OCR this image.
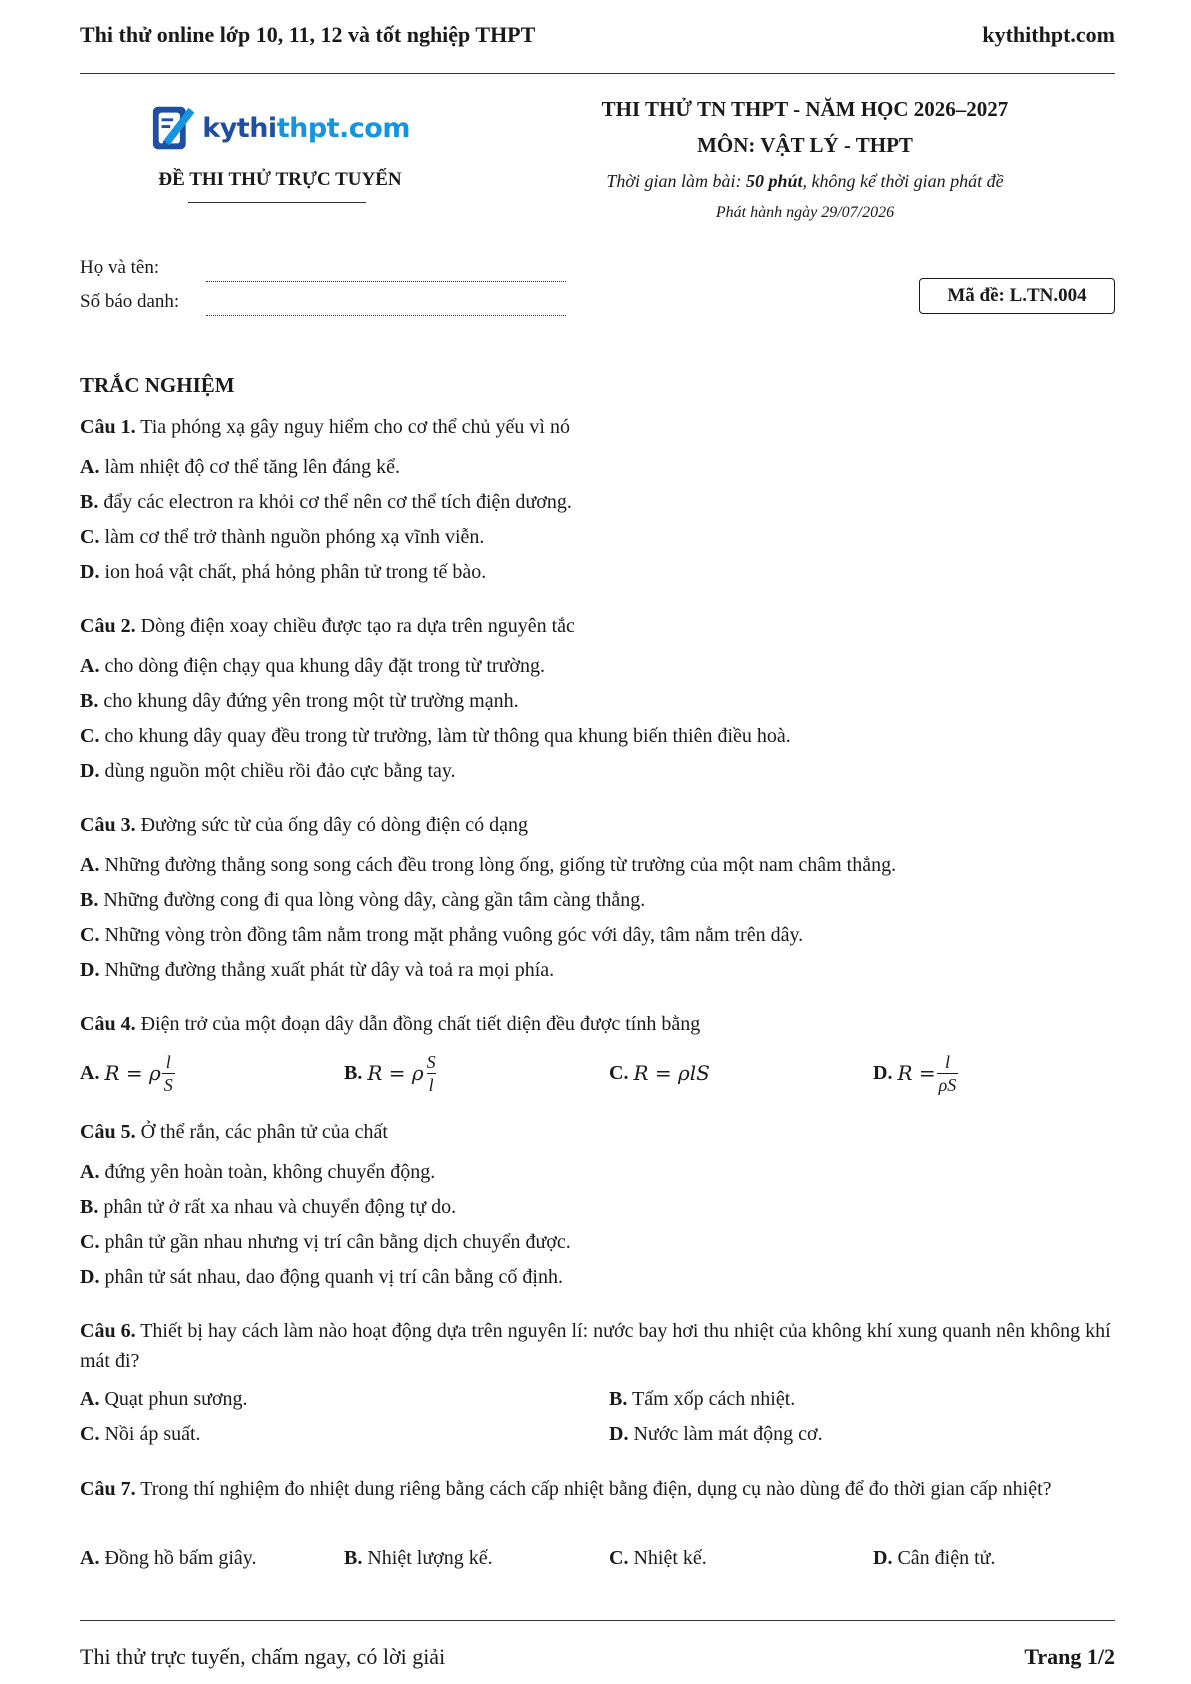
Thi thử online lớp 10, 11, 12 và tốt nghiệp THPT	kythithpt.com
kythithpt.com
ĐỀ THI THỬ TRỰC TUYẾN
THI THỬ TN THPT - NĂM HỌC 2026–2027
MÔN: VẬT LÝ - THPT
Thời gian làm bài: 50 phút, không kể thời gian phát đề
Phát hành ngày 29/07/2026
Họ và tên:
Số báo danh:	Mã đề: L.TN.004
TRẮC NGHIỆM
Câu 1. Tia phóng xạ gây nguy hiểm cho cơ thể chủ yếu vì nó
A. làm nhiệt độ cơ thể tăng lên đáng kể.
B. đẩy các electron ra khỏi cơ thể nên cơ thể tích điện dương.
C. làm cơ thể trở thành nguồn phóng xạ vĩnh viễn.
D. ion hoá vật chất, phá hỏng phân tử trong tế bào.
Câu 2. Dòng điện xoay chiều được tạo ra dựa trên nguyên tắc
A. cho dòng điện chạy qua khung dây đặt trong từ trường.
B. cho khung dây đứng yên trong một từ trường mạnh.
C. cho khung dây quay đều trong từ trường, làm từ thông qua khung biến thiên điều hoà.
D. dùng nguồn một chiều rồi đảo cực bằng tay.
Câu 3. Đường sức từ của ống dây có dòng điện có dạng
A. Những đường thẳng song song cách đều trong lòng ống, giống từ trường của một nam châm thẳng.
B. Những đường cong đi qua lòng vòng dây, càng gần tâm càng thẳng.
C. Những vòng tròn đồng tâm nằm trong mặt phẳng vuông góc với dây, tâm nằm trên dây.
D. Những đường thẳng xuất phát từ dây và toả ra mọi phía.
Câu 4. Điện trở của một đoạn dây dẫn đồng chất tiết diện đều được tính bằng
A.
R = ρ $\frac{l}{S}$	B.
R = ρ $\frac{S}{l}$	C.
R = ρlS	D.
$R = \frac{l}{\rho S}$
Câu 5. Ở thể rắn, các phân tử của chất
A. đứng yên hoàn toàn, không chuyển động.
B. phân tử ở rất xa nhau và chuyển động tự do.
C. phân tử gần nhau nhưng vị trí cân bằng dịch chuyển được.
D. phân tử sát nhau, dao động quanh vị trí cân bằng cố định.
Câu 6. Thiết bị hay cách làm nào hoạt động dựa trên nguyên lí: nước bay hơi thu nhiệt của không khí xung quanh nên không khí mát đi?
A. Quạt phun sương.	B. Tấm xốp cách nhiệt.
C. Nồi áp suất.	D. Nước làm mát động cơ.
Câu 7. Trong thí nghiệm đo nhiệt dung riêng bằng cách cấp nhiệt bằng điện, dụng cụ nào dùng để đo thời gian cấp nhiệt?
A. Đồng hồ bấm giây.	B. Nhiệt lượng kế.	C. Nhiệt kế.	D. Cân điện tử.
Thi thử trực tuyến, chấm ngay, có lời giải	Trang 1/2
